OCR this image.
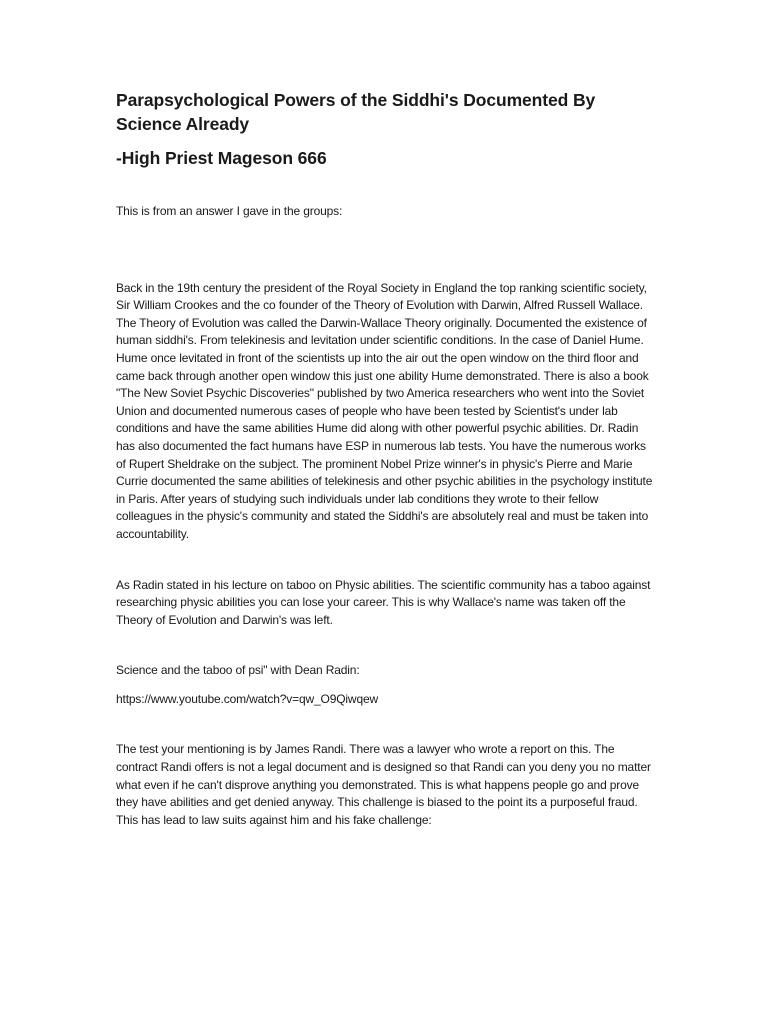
Parapsychological Powers of the Siddhi's Documented By Science Already
-High Priest Mageson 666

This is from an answer I gave in the groups:

Back in the 19th century the president of the Royal Society in England the top ranking scientific society, Sir William Crookes and the co founder of the Theory of Evolution with Darwin, Alfred Russell Wallace. The Theory of Evolution was called the Darwin-Wallace Theory originally. Documented the existence of human siddhi's. From telekinesis and levitation under scientific conditions. In the case of Daniel Hume. Hume once levitated in front of the scientists up into the air out the open window on the third floor and came back through another open window this just one ability Hume demonstrated. There is also a book "The New Soviet Psychic Discoveries" published by two America researchers who went into the Soviet Union and documented numerous cases of people who have been tested by Scientist's under lab conditions and have the same abilities Hume did along with other powerful psychic abilities. Dr. Radin has also documented the fact humans have ESP in numerous lab tests. You have the numerous works of Rupert Sheldrake on the subject. The prominent Nobel Prize winner's in physic's Pierre and Marie Currie documented the same abilities of telekinesis and other psychic abilities in the psychology institute in Paris. After years of studying such individuals under lab conditions they wrote to their fellow colleagues in the physic's community and stated the Siddhi's are absolutely real and must be taken into accountability.

As Radin stated in his lecture on taboo on Physic abilities. The scientific community has a taboo against researching physic abilities you can lose your career. This is why Wallace's name was taken off the Theory of Evolution and Darwin's was left.

Science and the taboo of psi" with Dean Radin:

https://www.youtube.com/watch?v=qw_O9Qiwqew

The test your mentioning is by James Randi. There was a lawyer who wrote a report on this. The contract Randi offers is not a legal document and is designed so that Randi can you deny you no matter what even if he can't disprove anything you demonstrated. This is what happens people go and prove they have abilities and get denied anyway. This challenge is biased to the point its a purposeful fraud. This has lead to law suits against him and his fake challenge:
